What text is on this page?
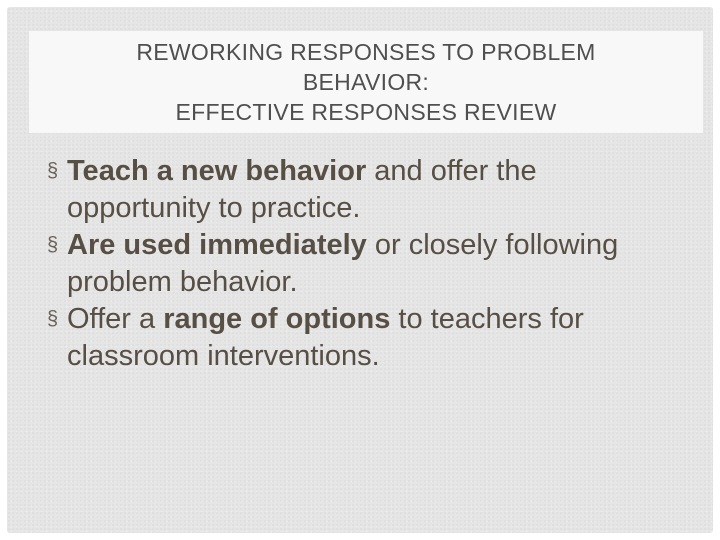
REWORKING RESPONSES TO PROBLEM
BEHAVIOR:
EFFECTIVE RESPONSES REVIEW
§ Teach a new behavior and offer the opportunity to practice.
§ Are used immediately or closely following problem behavior.
§ Offer a range of options to teachers for classroom interventions.
